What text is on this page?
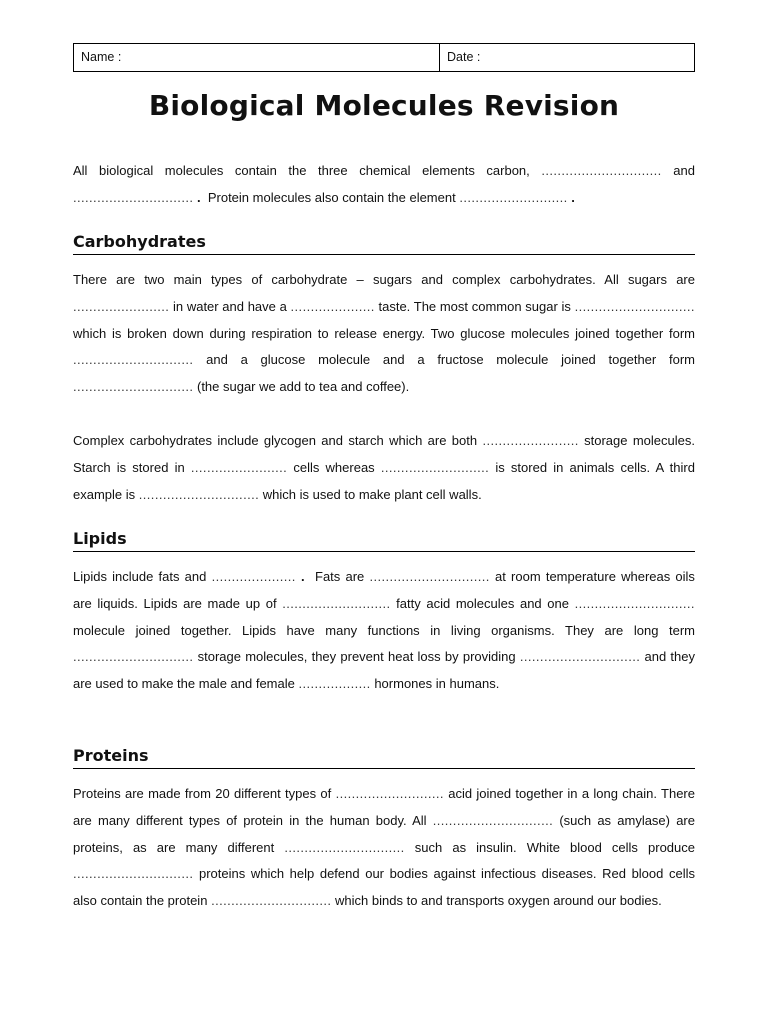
Name :	Date :
Biological Molecules Revision

All biological molecules contain the three chemical elements carbon, .............................. and .............................. . Protein molecules also contain the element ........................... .

Carbohydrates

There are two main types of carbohydrate – sugars and complex carbohydrates. All sugars are ........................ in water and have a ..................... taste. The most common sugar is .............................. which is broken down during respiration to release energy. Two glucose molecules joined together form .............................. and a glucose molecule and a fructose molecule joined together form .............................. (the sugar we add to tea and coffee).

Complex carbohydrates include glycogen and starch which are both ........................ storage molecules. Starch is stored in ........................ cells whereas ........................... is stored in animals cells. A third example is .............................. which is used to make plant cell walls.

Lipids

Lipids include fats and ..................... . Fats are .............................. at room temperature whereas oils are liquids. Lipids are made up of ........................... fatty acid molecules and one .............................. molecule joined together. Lipids have many functions in living organisms. They are long term .............................. storage molecules, they prevent heat loss by providing .............................. and they are used to make the male and female .................. hormones in humans.

Proteins

Proteins are made from 20 different types of ........................... acid joined together in a long chain. There are many different types of protein in the human body. All .............................. (such as amylase) are proteins, as are many different .............................. such as insulin. White blood cells produce .............................. proteins which help defend our bodies against infectious diseases. Red blood cells also contain the protein .............................. which binds to and transports oxygen around our bodies.
